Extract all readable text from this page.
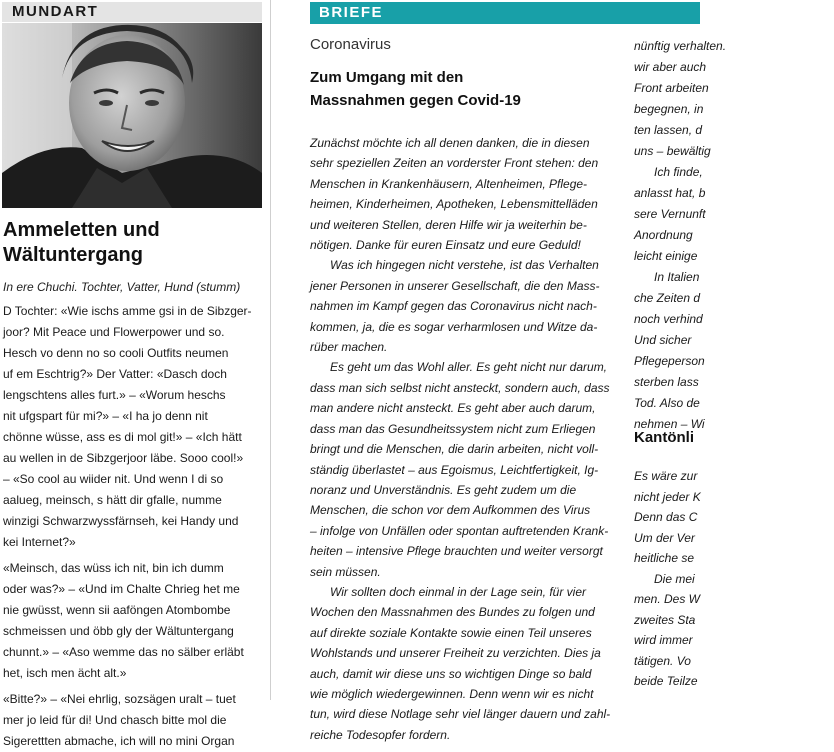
MUNDART
Ammeletten und
Wältuntergang
In ere Chuchi. Tochter, Vatter, Hund (stumm)
D Tochter: «Wie ischs amme gsi in de Sibzger-
joor? Mit Peace und Flowerpower und so.
Hesch vo denn no so cooli Outfits neumen
uf em Eschtrig?» Der Vatter: «Dasch doch
lengschtens alles furt.» – «Worum heschs
nit ufgspart für mi?» – «I ha jo denn nit
chönne wüsse, ass es di mol git!» – «Ich hätt
au wellen in de Sibzgerjoor läbe. Sooo cool!»
– «So cool au wiider nit. Und wenn I di so
aalueg, meinsch, s hätt dir gfalle, numme
winzigi Schwarzwyssfärnseh, kei Handy und
kei Internet?»
«Meinsch, das wüss ich nit, bin ich dumm
oder was?» – «Und im Chalte Chrieg het me
nie gwüsst, wenn sii aaföngen Atombombe
schmeissen und öbb gly der Wältuntergang
chunnt.» – «Aso wemme das no sälber erläbt
het, isch men ächt alt.»
«Bitte?» – «Nei ehrlig, sozsägen uralt – tuet
mer jo leid für di! Und chasch bitte mol die
Sigerettten abmache, ich will no mini Organ
BRIEFE
Coronavirus
Zum Umgang mit den
Massnahmen gegen Covid-19
Zunächst möchte ich all denen danken, die in diesen
sehr speziellen Zeiten an vorderster Front stehen: den
Menschen in Krankenhäusern, Altenheimen, Pflege-
heimen, Kinderheimen, Apotheken, Lebensmittelläden
und weiteren Stellen, deren Hilfe wir ja weiterhin be-
nötigen. Danke für euren Einsatz und eure Geduld!
Was ich hingegen nicht verstehe, ist das Verhalten
jener Personen in unserer Gesellschaft, die den Mass-
nahmen im Kampf gegen das Coronavirus nicht nach-
kommen, ja, die es sogar verharmlosen und Witze da-
rüber machen.
Es geht um das Wohl aller. Es geht nicht nur darum,
dass man sich selbst nicht ansteckt, sondern auch, dass
man andere nicht ansteckt. Es geht aber auch darum,
dass man das Gesundheitssystem nicht zum Erliegen
bringt und die Menschen, die darin arbeiten, nicht voll-
ständig überlastet – aus Egoismus, Leichtfertigkeit, Ig-
noranz und Unverständnis. Es geht zudem um die
Menschen, die schon vor dem Aufkommen des Virus
– infolge von Unfällen oder spontan auftretenden Krank-
heiten – intensive Pflege brauchten und weiter versorgt
sein müssen.
Wir sollten doch einmal in der Lage sein, für vier
Wochen den Massnahmen des Bundes zu folgen und
auf direkte soziale Kontakte sowie einen Teil unseres
Wohlstands und unserer Freiheit zu verzichten. Dies ja
auch, damit wir diese uns so wichtigen Dinge so bald
wie möglich wiedergewinnen. Denn wenn wir es nicht
tun, wird diese Notlage sehr viel länger dauern und zahl-
reiche Todesopfer fordern.
nünftig verhalten.
wir aber auch
Front arbeiten
begegnen, in
ten lassen, d
uns – bewältig
Ich finde,
anlasst hat, b
sere Vernunft
Anordnung
leicht einige
In Italien
che Zeiten d
noch verhind
Und sicher
Pflegeperson
sterben lass
Tod. Also de
nehmen – Wi
Kantönli
Es wäre zur
nicht jeder K
Denn das C
Um der Ver
heitliche se
Die mei
men. Des W
zweites Sta
wird immer
tätigen. Vo
beide Teilze
